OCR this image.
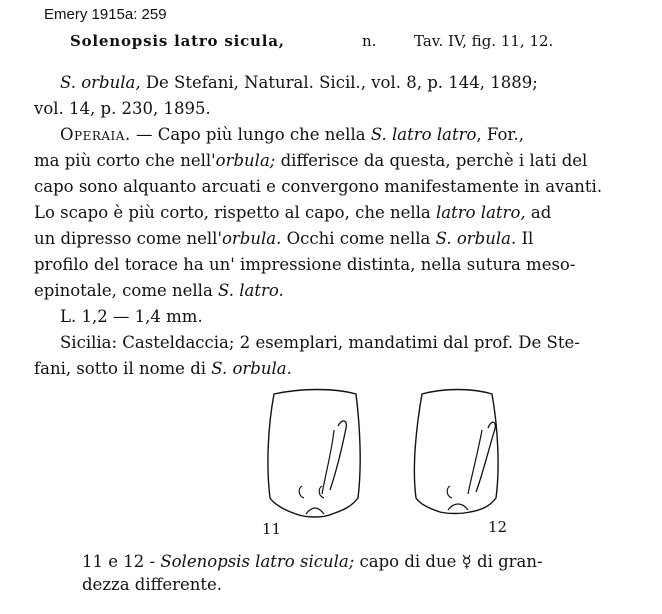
Emery 1915a: 259
Solenopsis latro sicula,	n.	Tav. IV, fig. 11, 12.
S. orbula, De Stefani, Natural. Sicil., vol. 8, p. 144, 1889;
vol. 14, p. 230, 1895.
Operaia. — Capo più lungo che nella S. latro latro, For.,
ma più corto che nell'orbula; differisce da questa, perchè i lati del
capo sono alquanto arcuati e convergono manifestamente in avanti.
Lo scapo è più corto, rispetto al capo, che nella latro latro, ad
un dipresso come nell'orbula. Occhi come nella S. orbula. Il
profilo del torace ha un' impressione distinta, nella sutura meso-
epinotale, come nella S. latro.
L. 1,2 — 1,4 mm.
Sicilia: Casteldaccia; 2 esemplari, mandatimi dal prof. De Ste-
fani, sotto il nome di S. orbula.
11	12
11 e 12 - Solenopsis latro sicula; capo di due ☿ di gran-
dezza differente.
